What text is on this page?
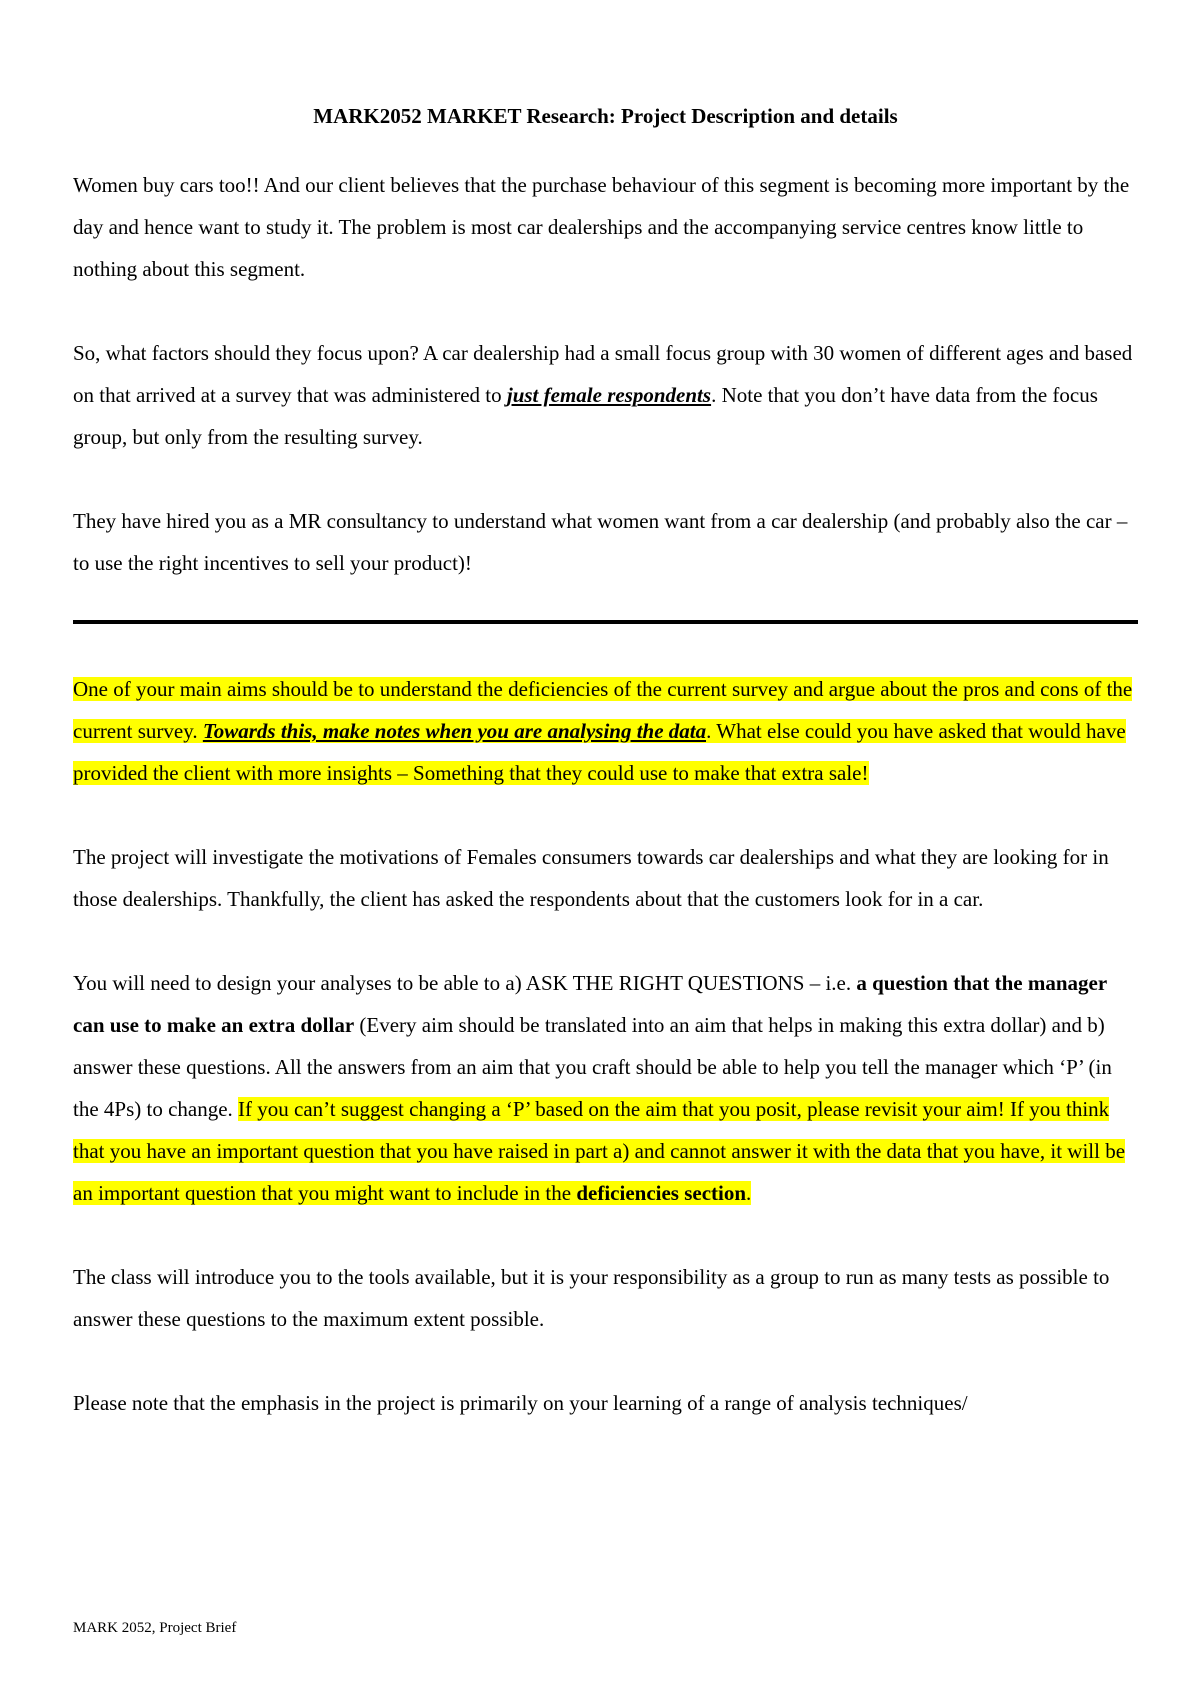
MARK2052 MARKET Research: Project Description and details
Women buy cars too!! And our client believes that the purchase behaviour of this segment is becoming more important by the day and hence want to study it. The problem is most car dealerships and the accompanying service centres know little to nothing about this segment.
So, what factors should they focus upon? A car dealership had a small focus group with 30 women of different ages and based on that arrived at a survey that was administered to just female respondents. Note that you don’t have data from the focus group, but only from the resulting survey.
They have hired you as a MR consultancy to understand what women want from a car dealership (and probably also the car – to use the right incentives to sell your product)!
One of your main aims should be to understand the deficiencies of the current survey and argue about the pros and cons of the current survey. Towards this, make notes when you are analysing the data. What else could you have asked that would have provided the client with more insights – Something that they could use to make that extra sale!
The project will investigate the motivations of Females consumers towards car dealerships and what they are looking for in those dealerships. Thankfully, the client has asked the respondents about that the customers look for in a car.
You will need to design your analyses to be able to a) ASK THE RIGHT QUESTIONS – i.e. a question that the manager can use to make an extra dollar (Every aim should be translated into an aim that helps in making this extra dollar) and b) answer these questions. All the answers from an aim that you craft should be able to help you tell the manager which ‘P’ (in the 4Ps) to change. If you can’t suggest changing a ‘P’ based on the aim that you posit, please revisit your aim! If you think that you have an important question that you have raised in part a) and cannot answer it with the data that you have, it will be an important question that you might want to include in the deficiencies section.
The class will introduce you to the tools available, but it is your responsibility as a group to run as many tests as possible to answer these questions to the maximum extent possible.
Please note that the emphasis in the project is primarily on your learning of a range of analysis techniques/
MARK 2052, Project Brief
